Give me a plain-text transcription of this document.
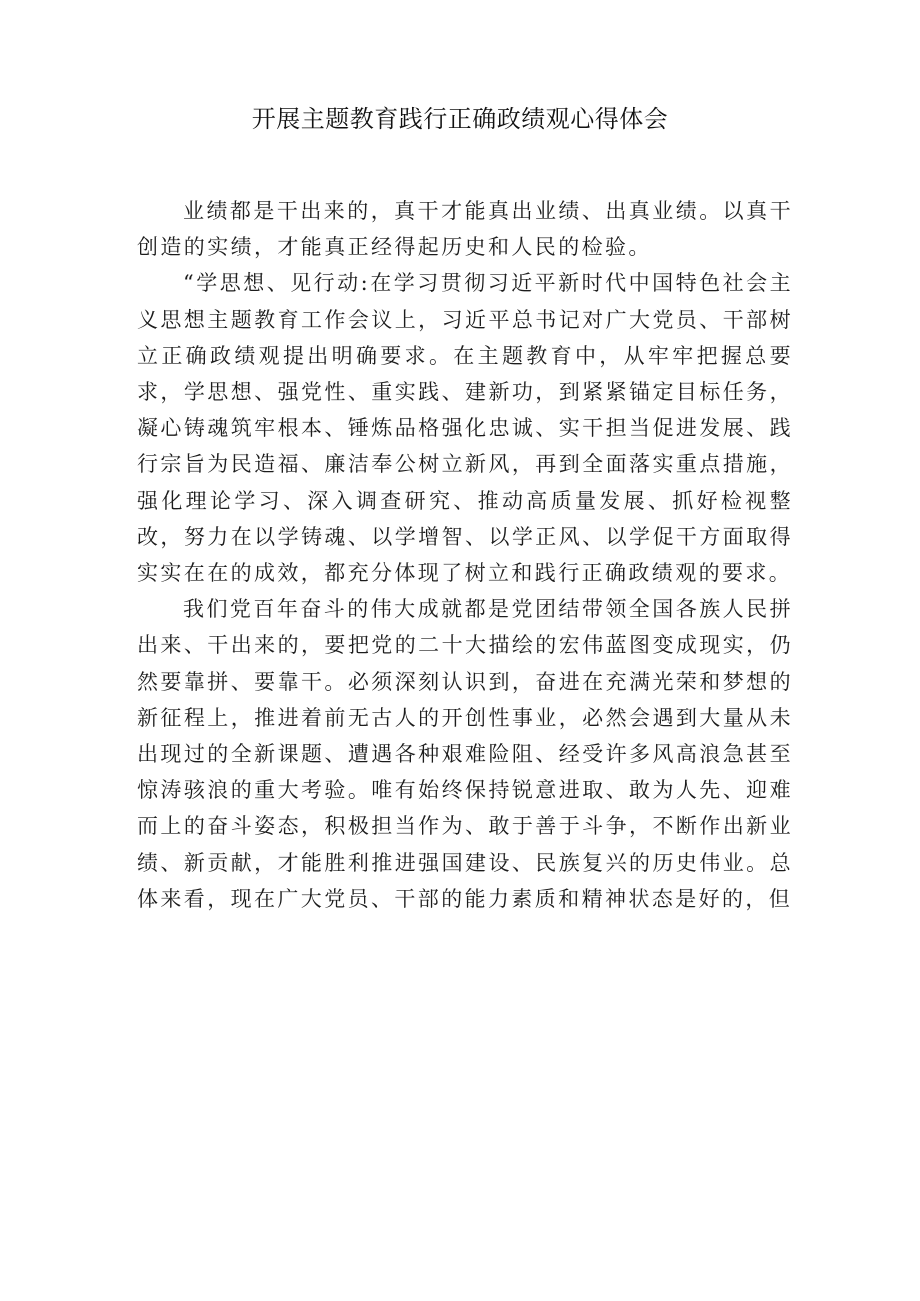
开展主题教育践行正确政绩观心得体会

业绩都是干出来的，真干才能真出业绩、出真业绩。以真干创造的实绩，才能真正经得起历史和人民的检验。

“学思想、见行动:在学习贯彻习近平新时代中国特色社会主义思想主题教育工作会议上，习近平总书记对广大党员、干部树立正确政绩观提出明确要求。在主题教育中，从牢牢把握总要求，学思想、强党性、重实践、建新功，到紧紧锚定目标任务，凝心铸魂筑牢根本、锤炼品格强化忠诚、实干担当促进发展、践行宗旨为民造福、廉洁奉公树立新风，再到全面落实重点措施，强化理论学习、深入调查研究、推动高质量发展、抓好检视整改，努力在以学铸魂、以学增智、以学正风、以学促干方面取得实实在在的成效，都充分体现了树立和践行正确政绩观的要求。

我们党百年奋斗的伟大成就都是党团结带领全国各族人民拼出来、干出来的，要把党的二十大描绘的宏伟蓝图变成现实，仍然要靠拼、要靠干。必须深刻认识到，奋进在充满光荣和梦想的新征程上，推进着前无古人的开创性事业，必然会遇到大量从未出现过的全新课题、遭遇各种艰难险阻、经受许多风高浪急甚至惊涛骇浪的重大考验。唯有始终保持锐意进取、敢为人先、迎难而上的奋斗姿态，积极担当作为、敢于善于斗争，不断作出新业绩、新贡献，才能胜利推进强国建设、民族复兴的历史伟业。总体来看，现在广大党员、干部的能力素质和精神状态是好的，但
